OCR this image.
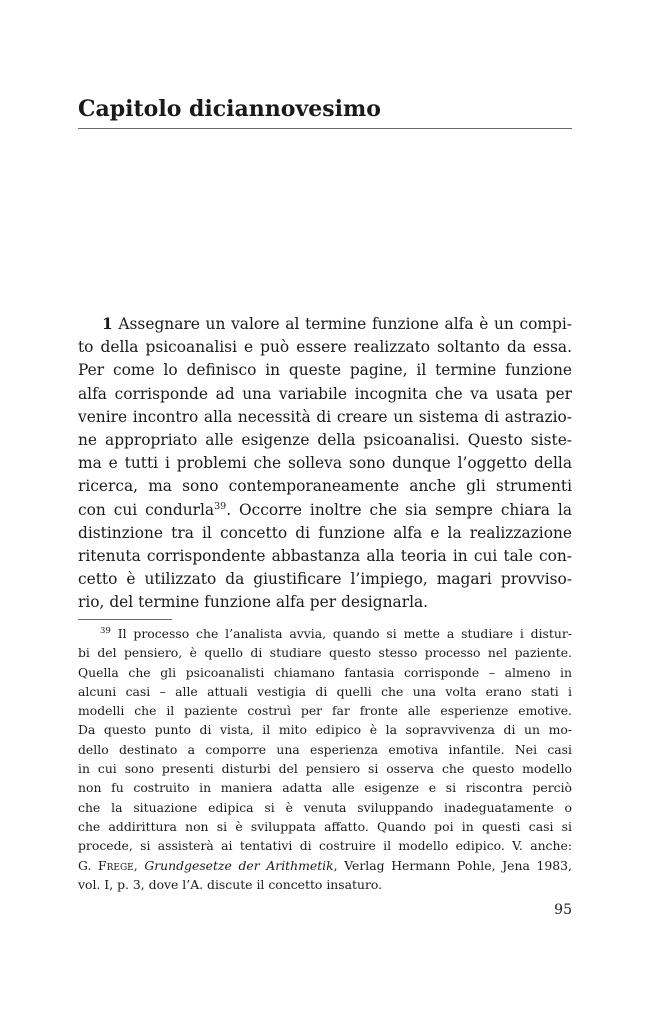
Capitolo diciannovesimo
1 Assegnare un valore al termine funzione alfa è un compi-
to della psicoanalisi e può essere realizzato soltanto da essa.
Per come lo definisco in queste pagine, il termine funzione
alfa corrisponde ad una variabile incognita che va usata per
venire incontro alla necessità di creare un sistema di astrazio-
ne appropriato alle esigenze della psicoanalisi. Questo siste-
ma e tutti i problemi che solleva sono dunque l’oggetto della
ricerca, ma sono contemporaneamente anche gli strumenti
con cui condurla$^{39}$. Occorre inoltre che sia sempre chiara la
distinzione tra il concetto di funzione alfa e la realizzazione
ritenuta corrispondente abbastanza alla teoria in cui tale con-
cetto è utilizzato da giustificare l’impiego, magari provviso-
rio, del termine funzione alfa per designarla.
$^{39}$ Il processo che l’analista avvia, quando si mette a studiare i distur-
bi del pensiero, è quello di studiare questo stesso processo nel paziente.
Quella che gli psicoanalisti chiamano fantasia corrisponde – almeno in
alcuni casi – alle attuali vestigia di quelli che una volta erano stati i
modelli che il paziente costruì per far fronte alle esperienze emotive.
Da questo punto di vista, il mito edipico è la sopravvivenza di un mo-
dello destinato a comporre una esperienza emotiva infantile. Nei casi
in cui sono presenti disturbi del pensiero si osserva che questo modello
non fu costruito in maniera adatta alle esigenze e si riscontra perciò
che la situazione edipica si è venuta sviluppando inadeguatamente o
che addirittura non si è sviluppata affatto. Quando poi in questi casi si
procede, si assisterà ai tentativi di costruire il modello edipico. V. anche:
G. Frege, Grundgesetze der Arithmetik, Verlag Hermann Pohle, Jena 1983,
vol. I, p. 3, dove l’A. discute il concetto insaturo.
95
